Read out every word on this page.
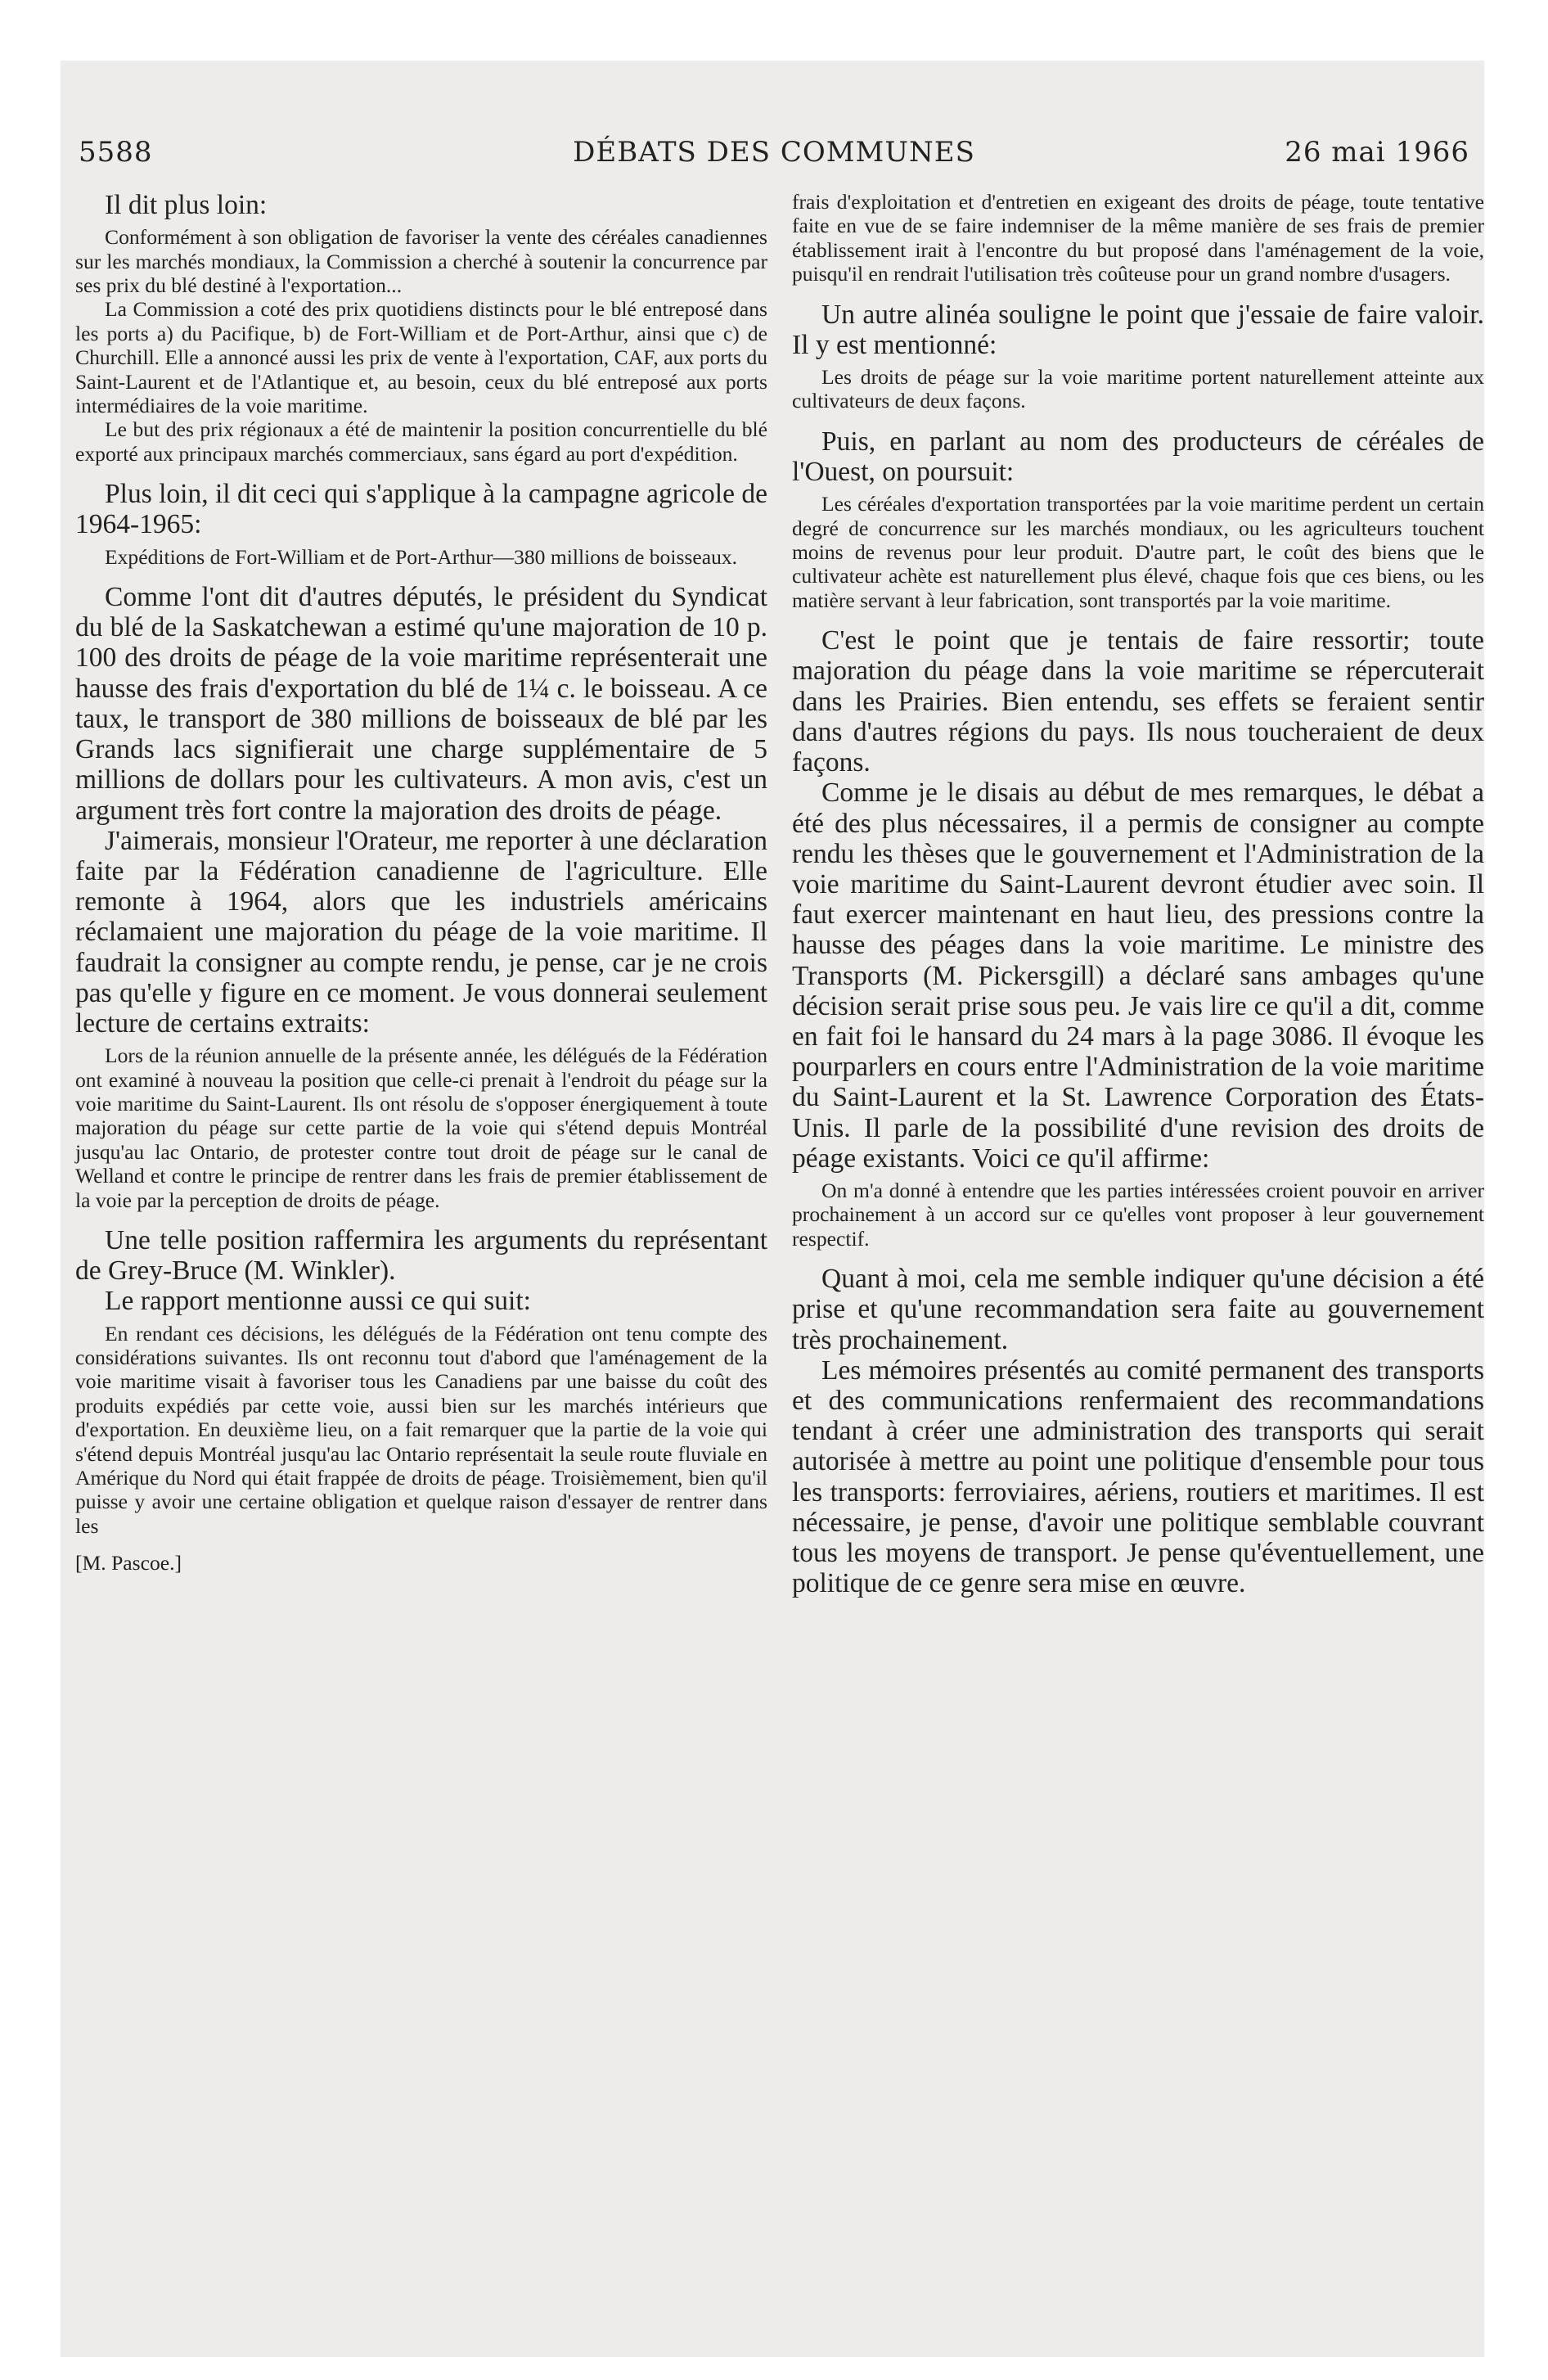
5588	DÉBATS DES COMMUNES	26 mai 1966

Il dit plus loin:

Conformément à son obligation de favoriser la vente des céréales canadiennes sur les marchés mondiaux, la Commission a cherché à soutenir la concurrence par ses prix du blé destiné à l'exportation...

La Commission a coté des prix quotidiens distincts pour le blé entreposé dans les ports a) du Pacifique, b) de Fort-William et de Port-Arthur, ainsi que c) de Churchill. Elle a annoncé aussi les prix de vente à l'exportation, CAF, aux ports du Saint-Laurent et de l'Atlantique et, au besoin, ceux du blé entreposé aux ports intermédiaires de la voie maritime.

Le but des prix régionaux a été de maintenir la position concurrentielle du blé exporté aux principaux marchés commerciaux, sans égard au port d'expédition.

Plus loin, il dit ceci qui s'applique à la campagne agricole de 1964-1965:

Expéditions de Fort-William et de Port-Arthur—380 millions de boisseaux.

Comme l'ont dit d'autres députés, le président du Syndicat du blé de la Saskatchewan a estimé qu'une majoration de 10 p. 100 des droits de péage de la voie maritime représenterait une hausse des frais d'exportation du blé de 1¼ c. le boisseau. A ce taux, le transport de 380 millions de boisseaux de blé par les Grands lacs signifierait une charge supplémentaire de 5 millions de dollars pour les cultivateurs. A mon avis, c'est un argument très fort contre la majoration des droits de péage.

J'aimerais, monsieur l'Orateur, me reporter à une déclaration faite par la Fédération canadienne de l'agriculture. Elle remonte à 1964, alors que les industriels américains réclamaient une majoration du péage de la voie maritime. Il faudrait la consigner au compte rendu, je pense, car je ne crois pas qu'elle y figure en ce moment. Je vous donnerai seulement lecture de certains extraits:

Lors de la réunion annuelle de la présente année, les délégués de la Fédération ont examiné à nouveau la position que celle-ci prenait à l'endroit du péage sur la voie maritime du Saint-Laurent. Ils ont résolu de s'opposer énergiquement à toute majoration du péage sur cette partie de la voie qui s'étend depuis Montréal jusqu'au lac Ontario, de protester contre tout droit de péage sur le canal de Welland et contre le principe de rentrer dans les frais de premier établissement de la voie par la perception de droits de péage.

Une telle position raffermira les arguments du représentant de Grey-Bruce (M. Winkler).

Le rapport mentionne aussi ce qui suit:

En rendant ces décisions, les délégués de la Fédération ont tenu compte des considérations suivantes. Ils ont reconnu tout d'abord que l'aménagement de la voie maritime visait à favoriser tous les Canadiens par une baisse du coût des produits expédiés par cette voie, aussi bien sur les marchés intérieurs que d'exportation. En deuxième lieu, on a fait remarquer que la partie de la voie qui s'étend depuis Montréal jusqu'au lac Ontario représentait la seule route fluviale en Amérique du Nord qui était frappée de droits de péage. Troisièmement, bien qu'il puisse y avoir une certaine obligation et quelque raison d'essayer de rentrer dans les

[M. Pascoe.]

frais d'exploitation et d'entretien en exigeant des droits de péage, toute tentative faite en vue de se faire indemniser de la même manière de ses frais de premier établissement irait à l'encontre du but proposé dans l'aménagement de la voie, puisqu'il en rendrait l'utilisation très coûteuse pour un grand nombre d'usagers.

Un autre alinéa souligne le point que j'essaie de faire valoir. Il y est mentionné:

Les droits de péage sur la voie maritime portent naturellement atteinte aux cultivateurs de deux façons.

Puis, en parlant au nom des producteurs de céréales de l'Ouest, on poursuit:

Les céréales d'exportation transportées par la voie maritime perdent un certain degré de concurrence sur les marchés mondiaux, ou les agriculteurs touchent moins de revenus pour leur produit. D'autre part, le coût des biens que le cultivateur achète est naturellement plus élevé, chaque fois que ces biens, ou les matière servant à leur fabrication, sont transportés par la voie maritime.

C'est le point que je tentais de faire ressortir; toute majoration du péage dans la voie maritime se répercuterait dans les Prairies. Bien entendu, ses effets se feraient sentir dans d'autres régions du pays. Ils nous toucheraient de deux façons.

Comme je le disais au début de mes remarques, le débat a été des plus nécessaires, il a permis de consigner au compte rendu les thèses que le gouvernement et l'Administration de la voie maritime du Saint-Laurent devront étudier avec soin. Il faut exercer maintenant en haut lieu, des pressions contre la hausse des péages dans la voie maritime. Le ministre des Transports (M. Pickersgill) a déclaré sans ambages qu'une décision serait prise sous peu. Je vais lire ce qu'il a dit, comme en fait foi le hansard du 24 mars à la page 3086. Il évoque les pourparlers en cours entre l'Administration de la voie maritime du Saint-Laurent et la St. Lawrence Corporation des États-Unis. Il parle de la possibilité d'une revision des droits de péage existants. Voici ce qu'il affirme:

On m'a donné à entendre que les parties intéressées croient pouvoir en arriver prochainement à un accord sur ce qu'elles vont proposer à leur gouvernement respectif.

Quant à moi, cela me semble indiquer qu'une décision a été prise et qu'une recommandation sera faite au gouvernement très prochainement.

Les mémoires présentés au comité permanent des transports et des communications renfermaient des recommandations tendant à créer une administration des transports qui serait autorisée à mettre au point une politique d'ensemble pour tous les transports: ferroviaires, aériens, routiers et maritimes. Il est nécessaire, je pense, d'avoir une politique semblable couvrant tous les moyens de transport. Je pense qu'éventuellement, une politique de ce genre sera mise en œuvre.
